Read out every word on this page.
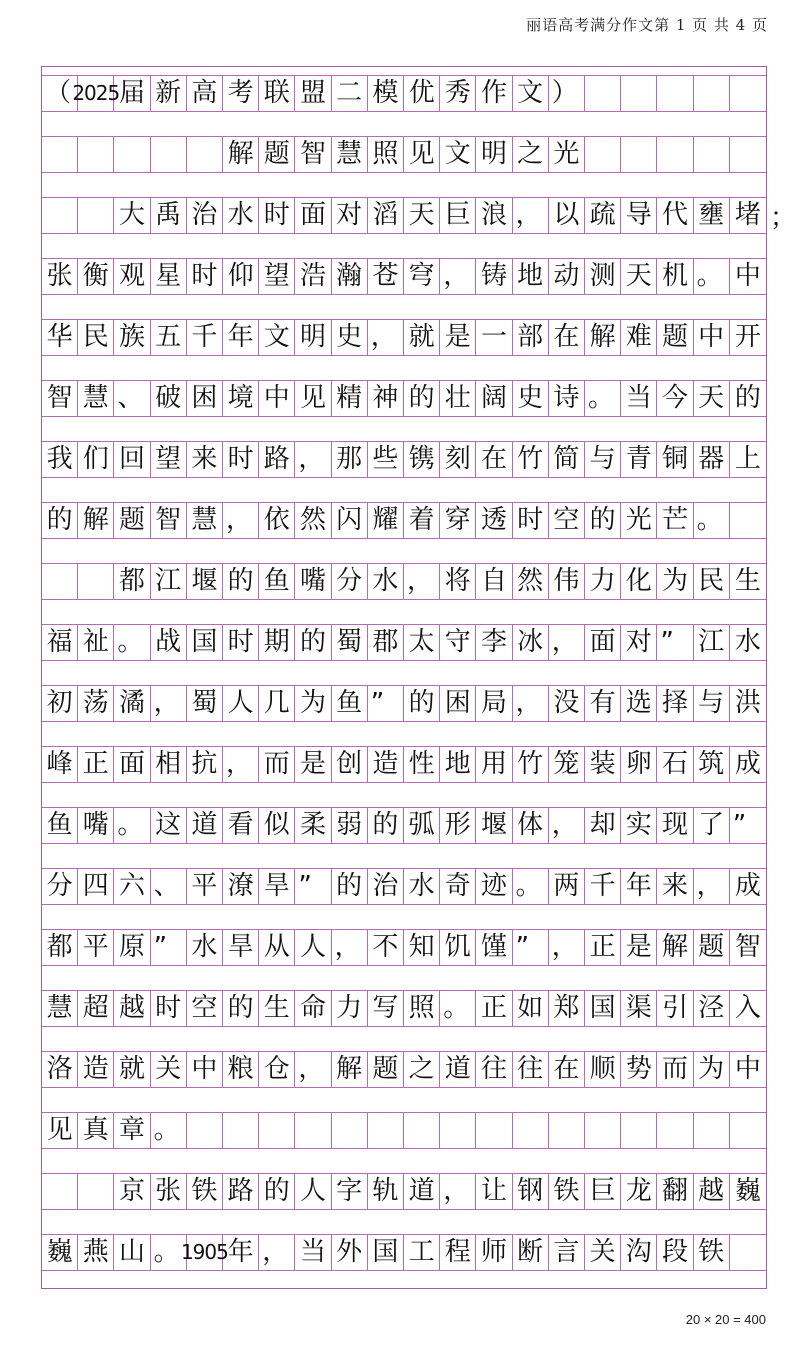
丽语高考满分作文第 1 页 共 4 页
（ 2025 届 新 高 考 联 盟 二 模 优 秀 作 文 ）
解 题 智 慧 照 见 文 明 之 光
大 禹 治 水 时 面 对 滔 天 巨 浪 ， 以 疏 导 代 壅 堵 ；
张 衡 观 星 时 仰 望 浩 瀚 苍 穹 ， 铸 地 动 测 天 机 。 中
华 民 族 五 千 年 文 明 史 ， 就 是 一 部 在 解 难 题 中 开
智 慧 、 破 困 境 中 见 精 神 的 壮 阔 史 诗 。 当 今 天 的
我 们 回 望 来 时 路 ， 那 些 镌 刻 在 竹 简 与 青 铜 器 上
的 解 题 智 慧 ， 依 然 闪 耀 着 穿 透 时 空 的 光 芒 。
都 江 堰 的 鱼 嘴 分 水 ， 将 自 然 伟 力 化 为 民 生
福 祉 。 战 国 时 期 的 蜀 郡 太 守 李 冰 ， 面 对 ” 江 水
初 荡 潏 ， 蜀 人 几 为 鱼 ” 的 困 局 ， 没 有 选 择 与 洪
峰 正 面 相 抗 ， 而 是 创 造 性 地 用 竹 笼 装 卵 石 筑 成
鱼 嘴 。 这 道 看 似 柔 弱 的 弧 形 堰 体 ， 却 实 现 了 ”
分 四 六 、 平 潦 旱 ” 的 治 水 奇 迹 。 两 千 年 来 ， 成
都 平 原 ” 水 旱 从 人 ， 不 知 饥 馑 ” ， 正 是 解 题 智
慧 超 越 时 空 的 生 命 力 写 照 。 正 如 郑 国 渠 引 泾 入
洛 造 就 关 中 粮 仓 ， 解 题 之 道 往 往 在 顺 势 而 为 中
见 真 章 。
京 张 铁 路 的 人 字 轨 道 ， 让 钢 铁 巨 龙 翻 越 巍
巍 燕 山 。 1905 年 ， 当 外 国 工 程 师 断 言 关 沟 段 铁
20 × 20 = 400
